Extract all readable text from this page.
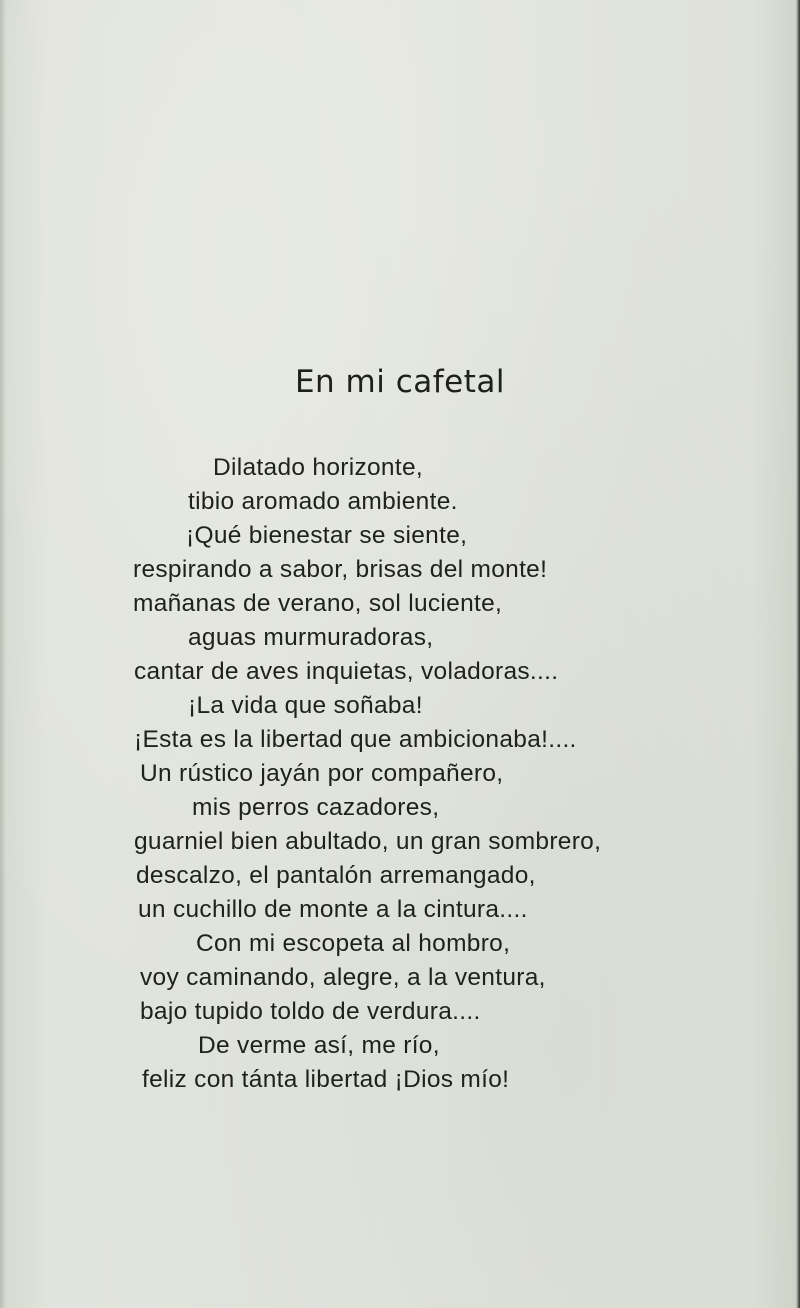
En mi cafetal
Dilatado horizonte,
tibio aromado ambiente.
¡Qué bienestar se siente,
respirando a sabor, brisas del monte!
mañanas de verano, sol luciente,
aguas murmuradoras,
cantar de aves inquietas, voladoras....
¡La vida que soñaba!
¡Esta es la libertad que ambicionaba!....
Un rústico jayán por compañero,
mis perros cazadores,
guarniel bien abultado, un gran sombrero,
descalzo, el pantalón arremangado,
un cuchillo de monte a la cintura....
Con mi escopeta al hombro,
voy caminando, alegre, a la ventura,
bajo tupido toldo de verdura....
De verme así, me río,
feliz con tánta libertad ¡Dios mío!
